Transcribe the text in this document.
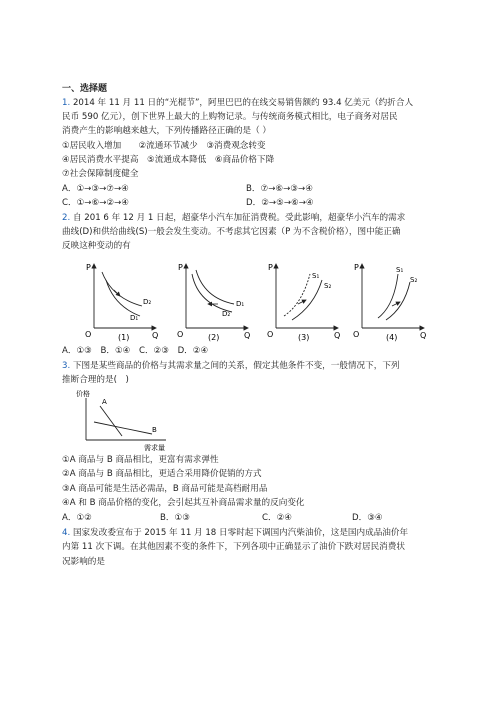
一、选择题
1. 2014 年 11 月 11 日的“光棍节”，阿里巴巴的在线交易销售额约 93.4 亿美元（约折合人
民币 590 亿元），创下世界上最大的上购物记录。与传统商务模式相比，电子商务对居民
消费产生的影响越来越大，下列传播路径正确的是（ ）
①居民收入增加　　②流通环节减少　③消费观念转变
④居民消费水平提高　⑤流通成本降低　⑥商品价格下降
⑦社会保障制度健全
A．①→③→⑦→④	B．⑦→⑥→③→④
C．①→⑥→②→④	D．②→⑤→⑥→④
2. 自 201 6 年 12 月 1 日起，超豪华小汽车加征消费税。受此影响，超豪华小汽车的需求
曲线(D)和供给曲线(S)一般会发生变动。不考虑其它因素（P 为不含税价格），图中能正确
反映这种变动的有
P
O	Q
D₂
D₁
(1)
P
O	Q
D₂
D₁
(2)
P
O	Q
S₁
S₂
(3)
P
O	Q
S₁
S₂
(4)
A．①③　B．①④　C．②③　D．②④
3. 下图是某些商品的价格与其需求量之间的关系，假定其他条件不变，一般情况下，下列
推断合理的是(　)
价格
A
B
需求量
①A 商品与 B 商品相比，更富有需求弹性
②A 商品与 B 商品相比，更适合采用降价促销的方式
③A 商品可能是生活必需品，B 商品可能是高档耐用品
④A 和 B 商品价格的变化，会引起其互补商品需求量的反向变化
A．①②	B．①③	C．②④	D．③④
4. 国家发改委宣布于 2015 年 11 月 18 日零时起下调国内汽柴油价，这是国内成品油价年
内第 11 次下调。在其他因素不变的条件下，下列各项中正确显示了油价下跌对居民消费状
况影响的是
